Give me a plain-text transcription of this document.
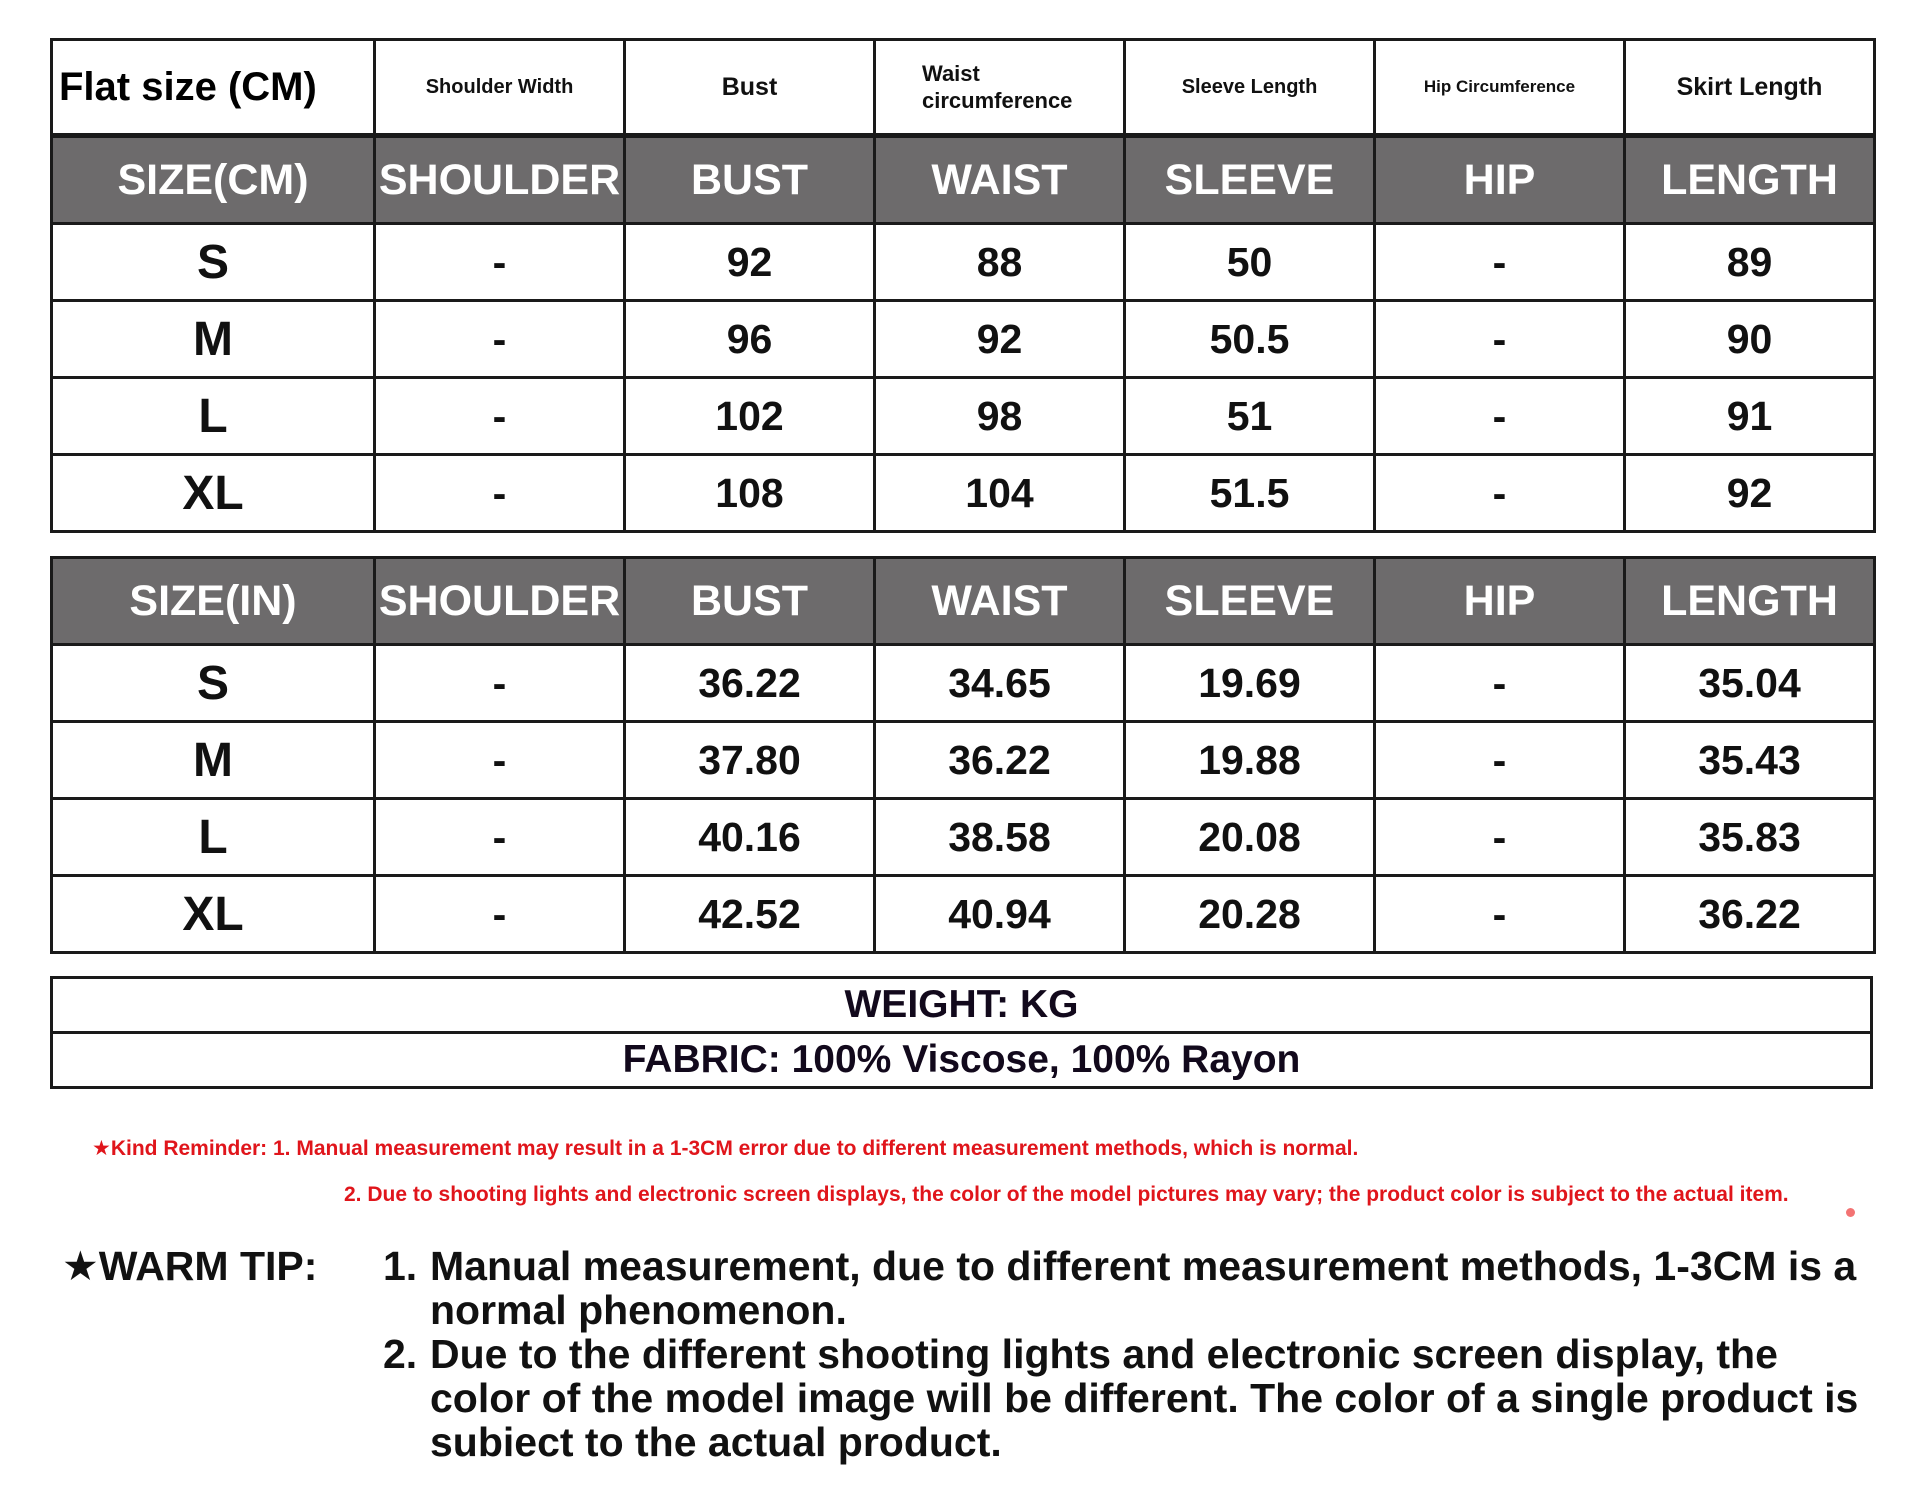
Flat size (CM)	Shoulder Width	Bust	Waist circumference	Sleeve Length	Hip Circumference	Skirt Length
SIZE(CM)	SHOULDER	BUST	WAIST	SLEEVE	HIP	LENGTH
S	-	92	88	50	-	89
M	-	96	92	50.5	-	90
L	-	102	98	51	-	91
XL	-	108	104	51.5	-	92
SIZE(IN)	SHOULDER	BUST	WAIST	SLEEVE	HIP	LENGTH
S	-	36.22	34.65	19.69	-	35.04
M	-	37.80	36.22	19.88	-	35.43
L	-	40.16	38.58	20.08	-	35.83
XL	-	42.52	40.94	20.28	-	36.22
WEIGHT: KG
FABRIC: 100% Viscose, 100% Rayon
★Kind Reminder: 1. Manual measurement may result in a 1-3CM error due to different measurement methods, which is normal.
2. Due to shooting lights and electronic screen displays, the color of the model pictures may vary; the product color is subject to the actual item.
★WARM TIP: 1. Manual measurement, due to different measurement methods, 1-3CM is a normal phenomenon.
2. Due to the different shooting lights and electronic screen display, the color of the model image will be different. The color of a single product is subiect to the actual product.
